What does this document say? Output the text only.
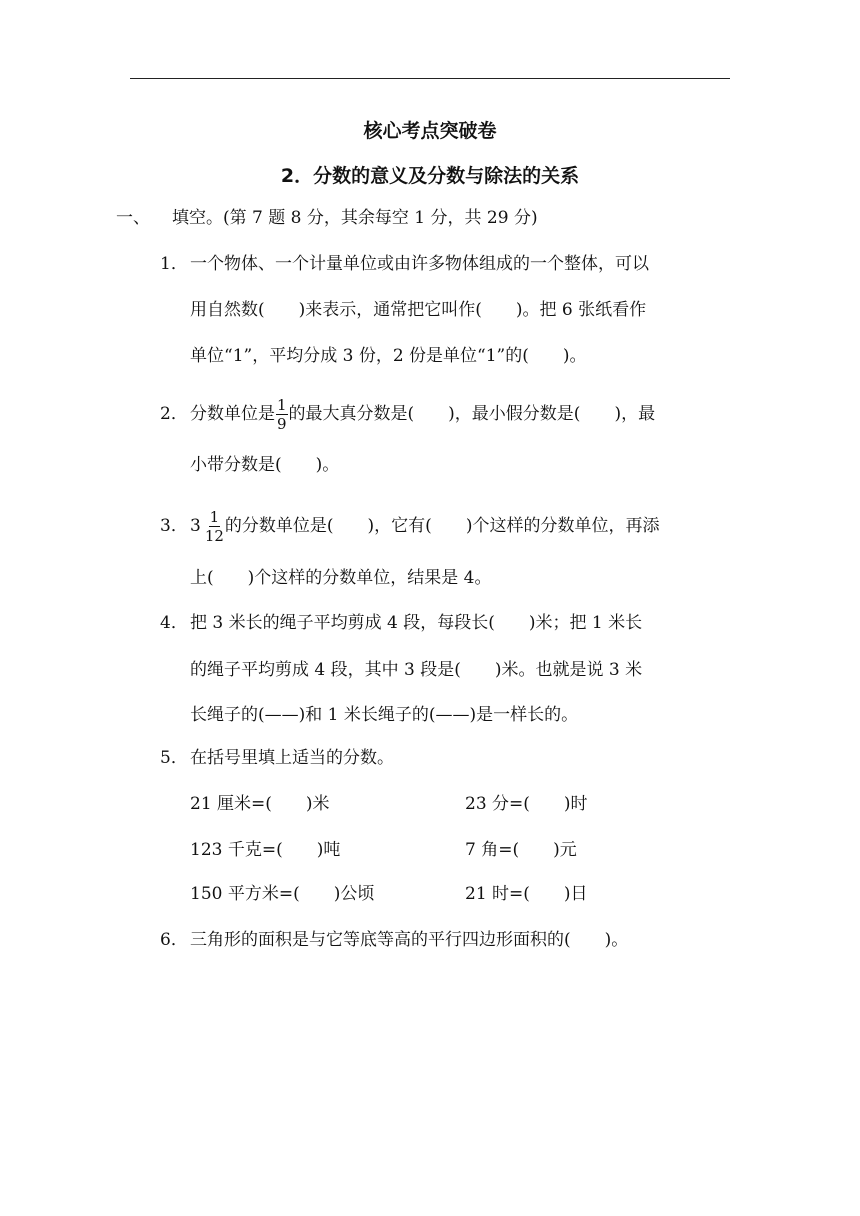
核心考点突破卷
2．分数的意义及分数与除法的关系
一、 填空。(第 7 题 8 分，其余每空 1 分，共 29 分)
1． 一个物体、一个计量单位或由许多物体组成的一个整体，可以
用自然数(　　)来表示，通常把它叫作(　　)。把 6 张纸看作
单位“1”，平均分成 3 份，2 份是单位“1”的(　　)。
2． 分数单位是 $\frac{1}{9}$ 的最大真分数是(　　)，最小假分数是(　　)，最
小带分数是(　　)。
3． $3 \frac{1}{12}$ 的分数单位是(　　)，它有(　　)个这样的分数单位，再添
上(　　)个这样的分数单位，结果是 4。
4． 把 3 米长的绳子平均剪成 4 段，每段长(　　)米；把 1 米长
的绳子平均剪成 4 段，其中 3 段是(　　)米。也就是说 3 米
长绳子的(——)和 1 米长绳子的(——)是一样长的。
5． 在括号里填上适当的分数。
21 厘米=(　　)米	23 分=(　　)时
123 千克=(　　)吨	7 角=(　　)元
150 平方米=(　　)公顷	21 时=(　　)日
6． 三角形的面积是与它等底等高的平行四边形面积的(　　)。
